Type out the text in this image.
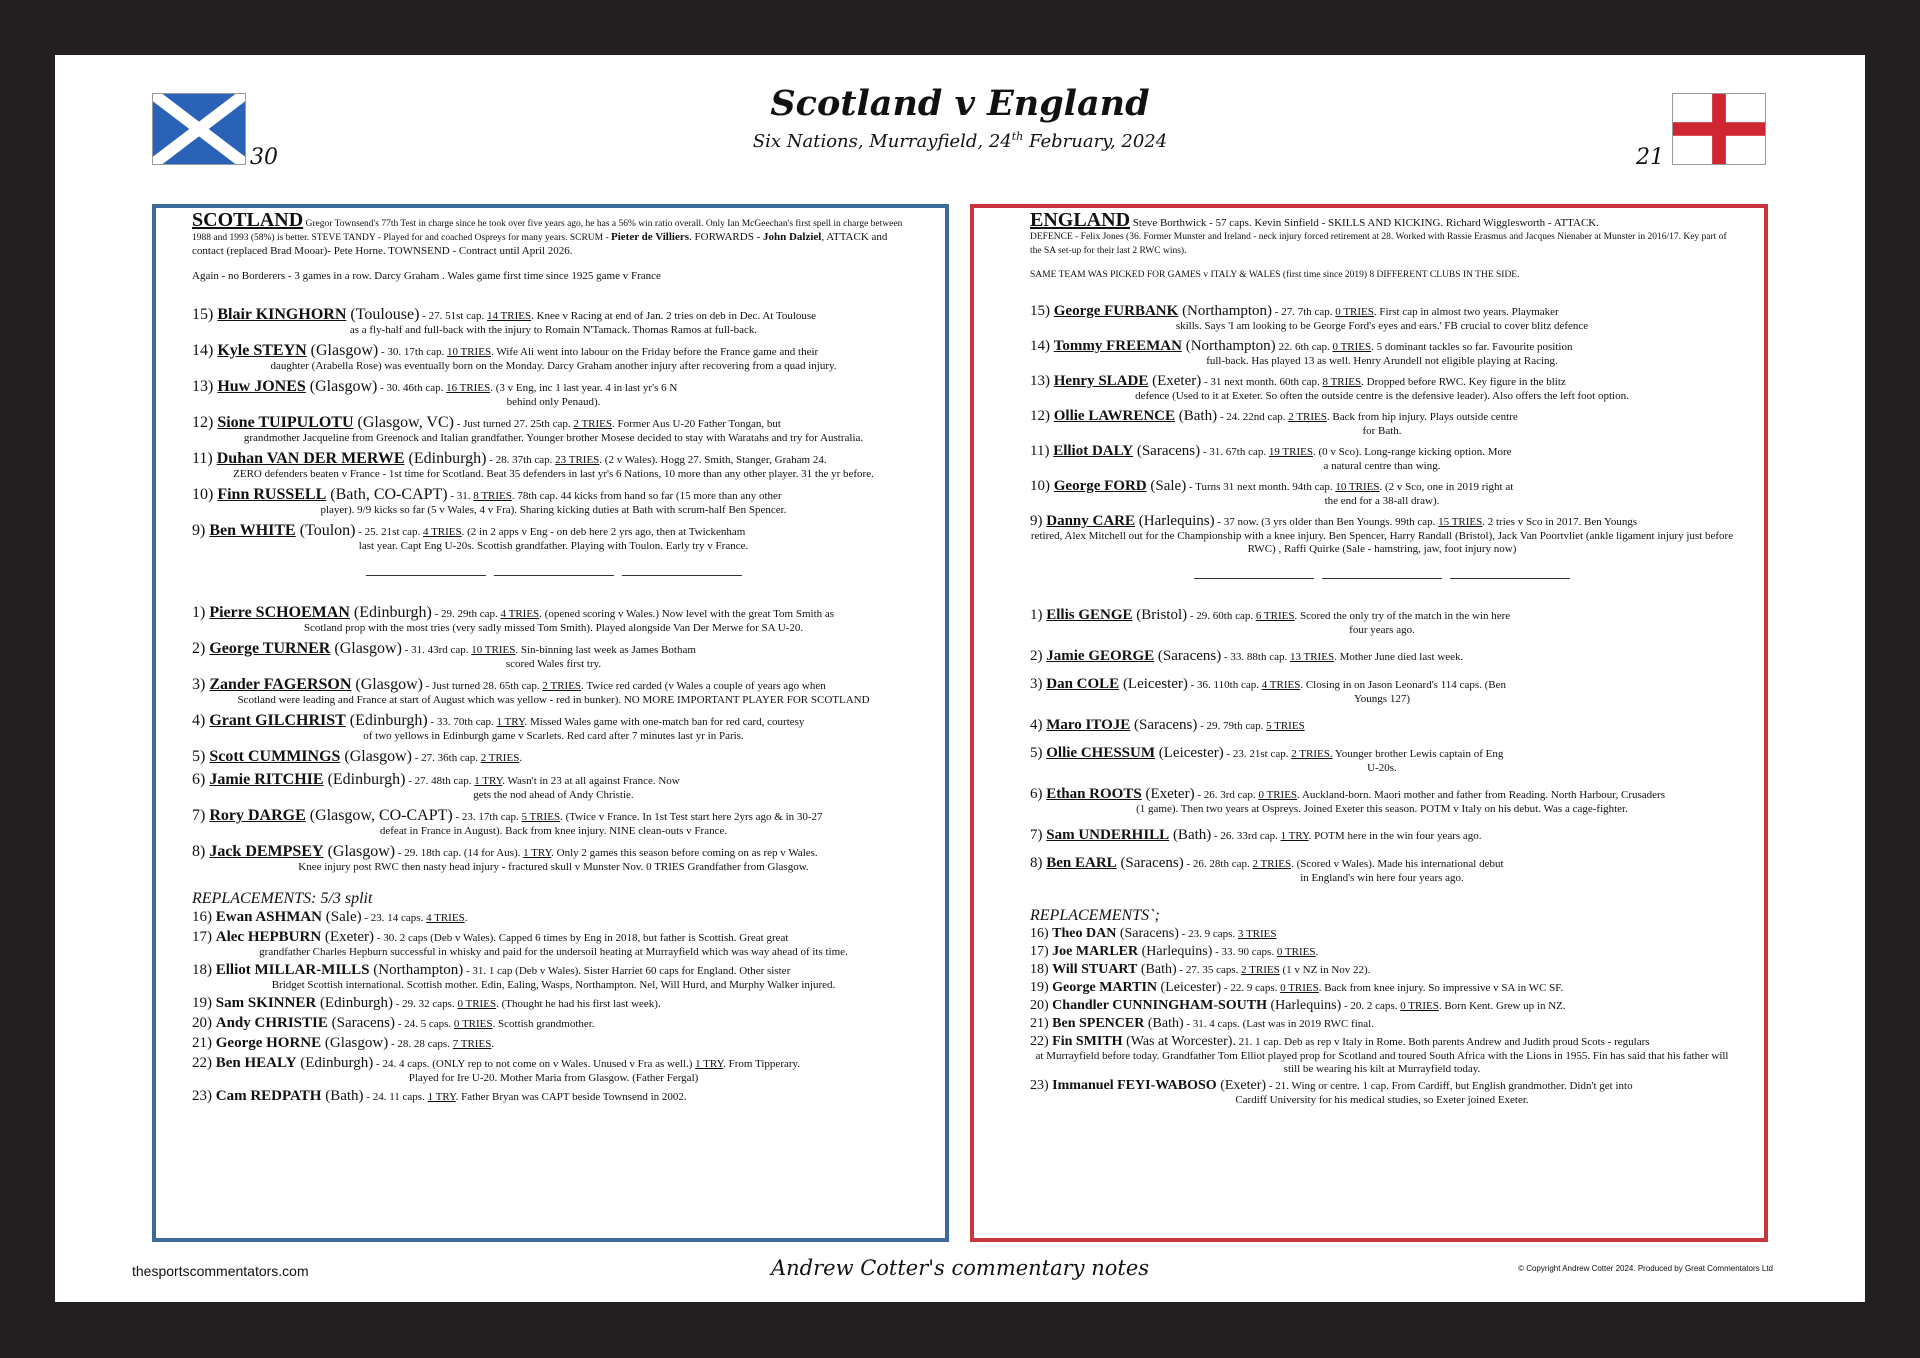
30
Scotland v England
Six Nations, Murrayfield, 24th February, 2024
21
SCOTLAND Gregor Townsend's 77th Test in charge since he took over five years ago, he has a 56% win ratio overall. Only Ian McGeechan's first spell in charge between 1988 and 1993 (58%) is better. STEVE TANDY - Played for and coached Ospreys for many years. SCRUM - Pieter de Villiers. FORWARDS - John Dalziel, ATTACK and contact (replaced Brad Mooar)- Pete Horne. TOWNSEND - Contract until April 2026.
Again - no Borderers - 3 games in a row. Darcy Graham . Wales game first time since 1925 game v France
15) Blair KINGHORN (Toulouse) - 27. 51st cap. 14 TRIES. Knee v Racing at end of Jan. 2 tries on deb in Dec. At Toulouse
as a fly-half and full-back with the injury to Romain N'Tamack. Thomas Ramos at full-back.
14) Kyle STEYN (Glasgow) - 30. 17th cap. 10 TRIES. Wife Ali went into labour on the Friday before the France game and their
daughter (Arabella Rose) was eventually born on the Monday. Darcy Graham another injury after recovering from a quad injury.
13) Huw JONES (Glasgow) - 30. 46th cap. 16 TRIES. (3 v Eng, inc 1 last year. 4 in last yr's 6 N
behind only Penaud).
12) Sione TUIPULOTU (Glasgow, VC) - Just turned 27. 25th cap. 2 TRIES. Former Aus U-20 Father Tongan, but
grandmother Jacqueline from Greenock and Italian grandfather. Younger brother Mosese decided to stay with Waratahs and try for Australia.
11) Duhan VAN DER MERWE (Edinburgh) - 28. 37th cap. 23 TRIES. (2 v Wales). Hogg 27. Smith, Stanger, Graham 24.
ZERO defenders beaten v France - 1st time for Scotland. Beat 35 defenders in last yr's 6 Nations, 10 more than any other player. 31 the yr before.
10) Finn RUSSELL (Bath, CO-CAPT) - 31. 8 TRIES. 78th cap. 44 kicks from hand so far (15 more than any other
player). 9/9 kicks so far (5 v Wales, 4 v Fra). Sharing kicking duties at Bath with scrum-half Ben Spencer.
9) Ben WHITE (Toulon) - 25. 21st cap. 4 TRIES. (2 in 2 apps v Eng - on deb here 2 yrs ago, then at Twickenham
last year. Capt Eng U-20s. Scottish grandfather. Playing with Toulon. Early try v France.
1) Pierre SCHOEMAN (Edinburgh) - 29. 29th cap. 4 TRIES. (opened scoring v Wales.) Now level with the great Tom Smith as
Scotland prop with the most tries (very sadly missed Tom Smith). Played alongside Van Der Merwe for SA U-20.
2) George TURNER (Glasgow) - 31. 43rd cap. 10 TRIES. Sin-binning last week as James Botham
scored Wales first try.
3) Zander FAGERSON (Glasgow) - Just turned 28. 65th cap. 2 TRIES. Twice red carded (v Wales a couple of years ago when
Scotland were leading and France at start of August which was yellow - red in bunker). NO MORE IMPORTANT PLAYER FOR SCOTLAND
4) Grant GILCHRIST (Edinburgh) - 33. 70th cap. 1 TRY. Missed Wales game with one-match ban for red card, courtesy
of two yellows in Edinburgh game v Scarlets. Red card after 7 minutes last yr in Paris.
5) Scott CUMMINGS (Glasgow) - 27. 36th cap. 2 TRIES.
6) Jamie RITCHIE (Edinburgh) - 27. 48th cap. 1 TRY. Wasn't in 23 at all against France. Now
gets the nod ahead of Andy Christie.
7) Rory DARGE (Glasgow, CO-CAPT) - 23. 17th cap. 5 TRIES. (Twice v France. In 1st Test start here 2yrs ago & in 30-27
defeat in France in August). Back from knee injury. NINE clean-outs v France.
8) Jack DEMPSEY (Glasgow) - 29. 18th cap. (14 for Aus). 1 TRY. Only 2 games this season before coming on as rep v Wales.
Knee injury post RWC then nasty head injury - fractured skull v Munster Nov. 0 TRIES Grandfather from Glasgow.
REPLACEMENTS: 5/3 split
16) Ewan ASHMAN (Sale) - 23. 14 caps. 4 TRIES.
17) Alec HEPBURN (Exeter) - 30. 2 caps (Deb v Wales). Capped 6 times by Eng in 2018, but father is Scottish. Great great
grandfather Charles Hepburn successful in whisky and paid for the undersoil heating at Murrayfield which was way ahead of its time.
18) Elliot MILLAR-MILLS (Northampton) - 31. 1 cap (Deb v Wales). Sister Harriet 60 caps for England. Other sister
Bridget Scottish international. Scottish mother. Edin, Ealing, Wasps, Northampton. Nel, Will Hurd, and Murphy Walker injured.
19) Sam SKINNER (Edinburgh) - 29. 32 caps. 0 TRIES. (Thought he had his first last week).
20) Andy CHRISTIE (Saracens) - 24. 5 caps. 0 TRIES. Scottish grandmother.
21) George HORNE (Glasgow) - 28. 28 caps. 7 TRIES.
22) Ben HEALY (Edinburgh) - 24. 4 caps. (ONLY rep to not come on v Wales. Unused v Fra as well.) 1 TRY. From Tipperary.
Played for Ire U-20. Mother Maria from Glasgow. (Father Fergal)
23) Cam REDPATH (Bath) - 24. 11 caps. 1 TRY. Father Bryan was CAPT beside Townsend in 2002.
ENGLAND Steve Borthwick - 57 caps. Kevin Sinfield - SKILLS AND KICKING. Richard Wigglesworth - ATTACK.
DEFENCE - Felix Jones (36. Former Munster and Ireland - neck injury forced retirement at 28. Worked with Rassie Erasmus and Jacques Nienaber at Munster in 2016/17. Key part of the SA set-up for their last 2 RWC wins).
SAME TEAM WAS PICKED FOR GAMES v ITALY & WALES (first time since 2019) 8 DIFFERENT CLUBS IN THE SIDE.
15) George FURBANK (Northampton) - 27. 7th cap. 0 TRIES. First cap in almost two years. Playmaker
skills. Says 'I am looking to be George Ford's eyes and ears.' FB crucial to cover blitz defence
14) Tommy FREEMAN (Northampton) 22. 6th cap. 0 TRIES. 5 dominant tackles so far. Favourite position
full-back. Has played 13 as well. Henry Arundell not eligible playing at Racing.
13) Henry SLADE (Exeter) - 31 next month. 60th cap. 8 TRIES. Dropped before RWC. Key figure in the blitz
defence (Used to it at Exeter. So often the outside centre is the defensive leader). Also offers the left foot option.
12) Ollie LAWRENCE (Bath) - 24. 22nd cap. 2 TRIES. Back from hip injury. Plays outside centre
for Bath.
11) Elliot DALY (Saracens) - 31. 67th cap. 19 TRIES. (0 v Sco). Long-range kicking option. More
a natural centre than wing.
10) George FORD (Sale) - Turns 31 next month. 94th cap. 10 TRIES. (2 v Sco, one in 2019 right at
the end for a 38-all draw).
9) Danny CARE (Harlequins) - 37 now. (3 yrs older than Ben Youngs. 99th cap. 15 TRIES. 2 tries v Sco in 2017. Ben Youngs
retired, Alex Mitchell out for the Championship with a knee injury. Ben Spencer, Harry Randall (Bristol), Jack Van Poortvliet (ankle ligament injury just before RWC) , Raffi Quirke (Sale - hamstring, jaw, foot injury now)
1) Ellis GENGE (Bristol) - 29. 60th cap. 6 TRIES. Scored the only try of the match in the win here
four years ago.
2) Jamie GEORGE (Saracens) - 33. 88th cap. 13 TRIES. Mother June died last week.
3) Dan COLE (Leicester) - 36. 110th cap. 4 TRIES. Closing in on Jason Leonard's 114 caps. (Ben
Youngs 127)
4) Maro ITOJE (Saracens) - 29. 79th cap. 5 TRIES
5) Ollie CHESSUM (Leicester) - 23. 21st cap. 2 TRIES. Younger brother Lewis captain of Eng
U-20s.
6) Ethan ROOTS (Exeter) - 26. 3rd cap. 0 TRIES. Auckland-born. Maori mother and father from Reading. North Harbour, Crusaders
(1 game). Then two years at Ospreys. Joined Exeter this season. POTM v Italy on his debut. Was a cage-fighter.
7) Sam UNDERHILL (Bath) - 26. 33rd cap. 1 TRY. POTM here in the win four years ago.
8) Ben EARL (Saracens) - 26. 28th cap. 2 TRIES. (Scored v Wales). Made his international debut
in England's win here four years ago.
REPLACEMENTS`;
16) Theo DAN (Saracens) - 23. 9 caps. 3 TRIES
17) Joe MARLER (Harlequins) - 33. 90 caps. 0 TRIES.
18) Will STUART (Bath) - 27. 35 caps. 2 TRIES (1 v NZ in Nov 22).
19) George MARTIN (Leicester) - 22. 9 caps. 0 TRIES. Back from knee injury. So impressive v SA in WC SF.
20) Chandler CUNNINGHAM-SOUTH (Harlequins) - 20. 2 caps. 0 TRIES. Born Kent. Grew up in NZ.
21) Ben SPENCER (Bath) - 31. 4 caps. (Last was in 2019 RWC final.
22) Fin SMITH (Was at Worcester). 21. 1 cap. Deb as rep v Italy in Rome. Both parents Andrew and Judith proud Scots - regulars
at Murrayfield before today. Grandfather Tom Elliot played prop for Scotland and toured South Africa with the Lions in 1955. Fin has said that his father will still be wearing his kilt at Murrayfield today.
23) Immanuel FEYI-WABOSO (Exeter) - 21. Wing or centre. 1 cap. From Cardiff, but English grandmother. Didn't get into
Cardiff University for his medical studies, so Exeter joined Exeter.
thesportscommentators.com	Andrew Cotter's commentary notes	© Copyright Andrew Cotter 2024. Produced by Great Commentators Ltd
